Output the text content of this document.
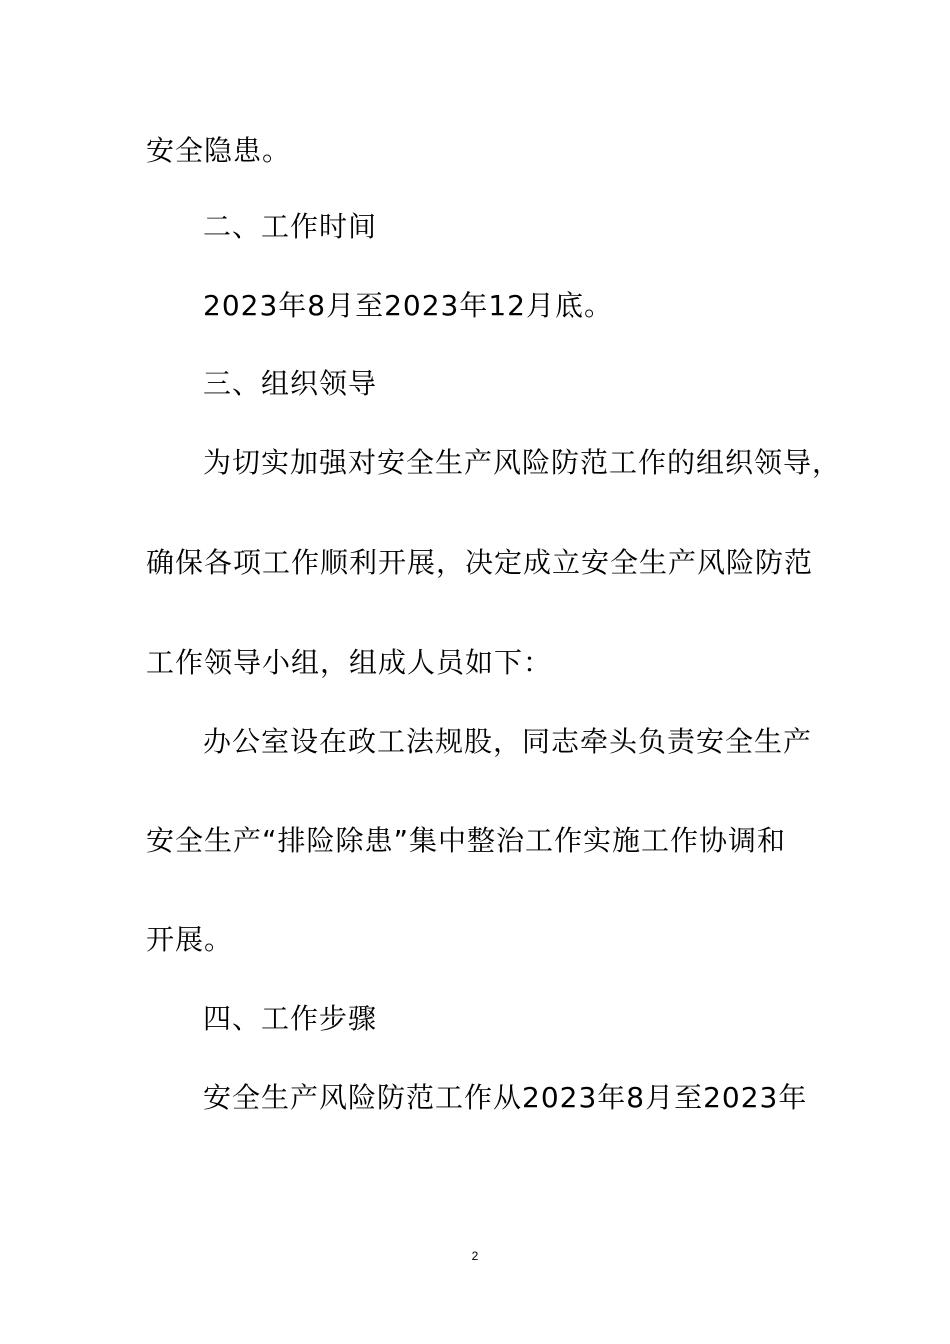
安全隐患。
二、工作时间
2023年8月至2023年12月底。
三、组织领导
为切实加强对安全生产风险防范工作的组织领导，
确保各项工作顺利开展，决定成立安全生产风险防范
工作领导小组，组成人员如下：
办公室设在政工法规股，同志牵头负责安全生产
安全生产“排险除患”集中整治工作实施工作协调和
开展。
四、工作步骤
安全生产风险防范工作从2023年8月至2023年
2
